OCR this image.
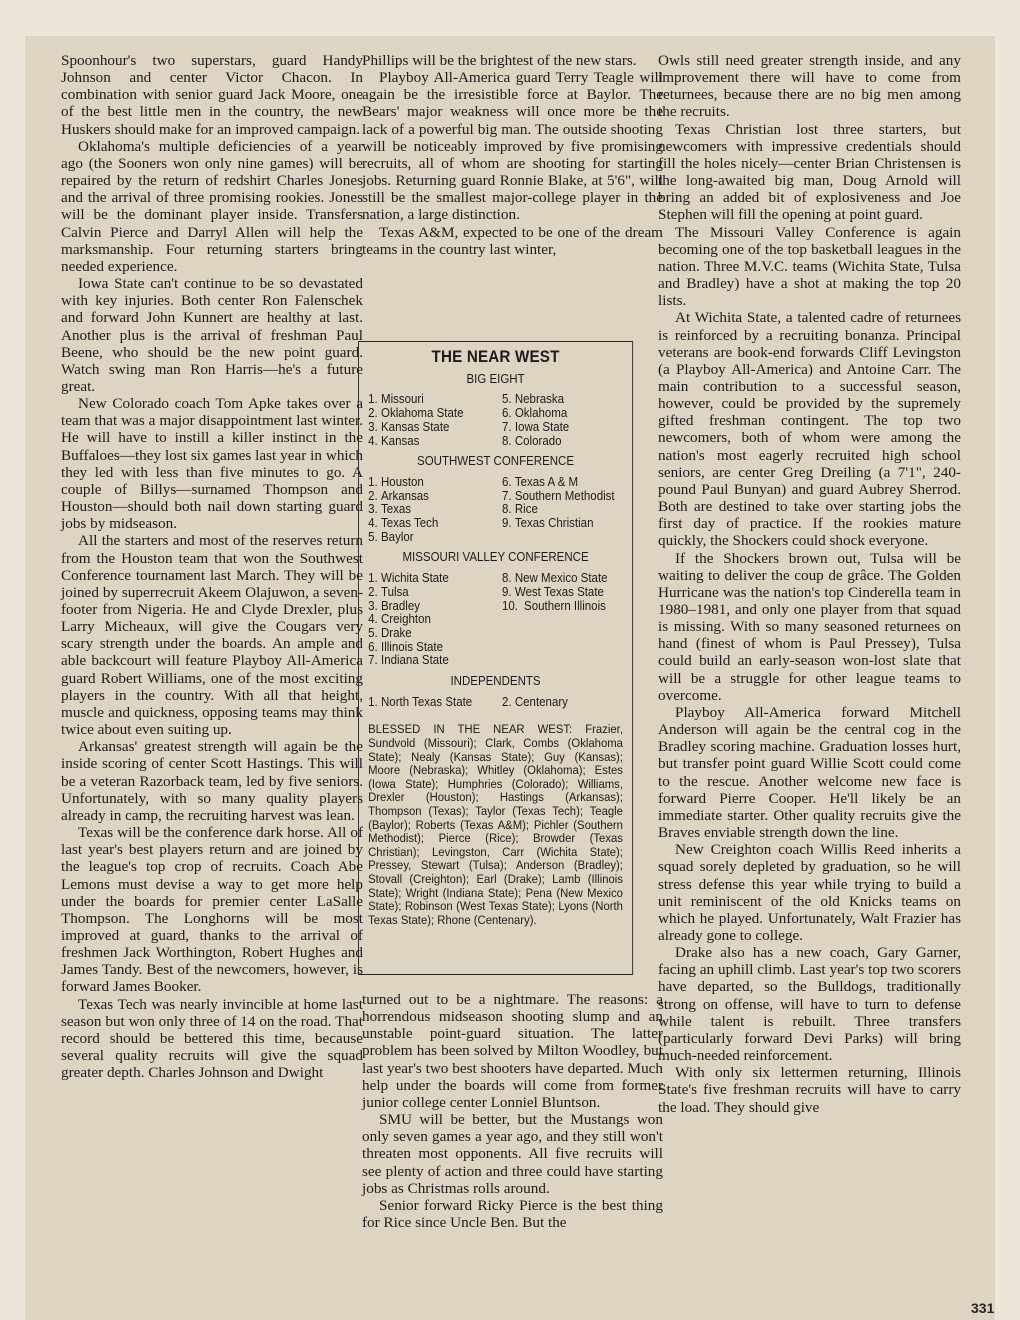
Spoonhour's two superstars, guard Handy Johnson and center Victor Chacon. In combination with senior guard Jack Moore, one of the best little men in the country, the new Huskers should make for an improved campaign.

Oklahoma's multiple deficiencies of a year ago (the Sooners won only nine games) will be repaired by the return of redshirt Charles Jones and the arrival of three promising rookies. Jones will be the dominant player inside. Transfers Calvin Pierce and Darryl Allen will help the marksmanship. Four returning starters bring needed experience.

Iowa State can't continue to be so devastated with key injuries. Both center Ron Falenschek and forward John Kunnert are healthy at last. Another plus is the arrival of freshman Paul Beene, who should be the new point guard. Watch swing man Ron Harris—he's a future great.

New Colorado coach Tom Apke takes over a team that was a major disappointment last winter. He will have to instill a killer instinct in the Buffaloes—they lost six games last year in which they led with less than five minutes to go. A couple of Billys—surnamed Thompson and Houston—should both nail down starting guard jobs by midseason.

All the starters and most of the reserves return from the Houston team that won the Southwest Conference tournament last March. They will be joined by superrecruit Akeem Olajuwon, a seven-footer from Nigeria. He and Clyde Drexler, plus Larry Micheaux, will give the Cougars very scary strength under the boards. An ample and able backcourt will feature Playboy All-America guard Robert Williams, one of the most exciting players in the country. With all that height, muscle and quickness, opposing teams may think twice about even suiting up.

Arkansas' greatest strength will again be the inside scoring of center Scott Hastings. This will be a veteran Razorback team, led by five seniors. Unfortunately, with so many quality players already in camp, the recruiting harvest was lean.

Texas will be the conference dark horse. All of last year's best players return and are joined by the league's top crop of recruits. Coach Abe Lemons must devise a way to get more help under the boards for premier center LaSalle Thompson. The Longhorns will be most improved at guard, thanks to the arrival of freshmen Jack Worthington, Robert Hughes and James Tandy. Best of the newcomers, however, is forward James Booker.

Texas Tech was nearly invincible at home last season but won only three of 14 on the road. That record should be bettered this time, because several quality recruits will give the squad greater depth. Charles Johnson and Dwight

Phillips will be the brightest of the new stars.

Playboy All-America guard Terry Teagle will again be the irresistible force at Baylor. The Bears' major weakness will once more be the lack of a powerful big man. The outside shooting will be noticeably improved by five promising recruits, all of whom are shooting for starting jobs. Returning guard Ronnie Blake, at 5'6", will still be the smallest major-college player in the nation, a large distinction.

Texas A&M, expected to be one of the dream teams in the country last winter,

THE NEAR WEST
BIG EIGHT
1. Missouri
2. Oklahoma State
3. Kansas State
4. Kansas
5. Nebraska
6. Oklahoma
7. Iowa State
8. Colorado
SOUTHWEST CONFERENCE
1. Houston
2. Arkansas
3. Texas
4. Texas Tech
5. Baylor
6. Texas A & M
7. Southern Methodist
8. Rice
9. Texas Christian
MISSOURI VALLEY CONFERENCE
1. Wichita State
2. Tulsa
3. Bradley
4. Creighton
5. Drake
6. Illinois State
7. Indiana State
8. New Mexico State
9. West Texas State
10. Southern Illinois
INDEPENDENTS
1. North Texas State 2. Centenary
BLESSED IN THE NEAR WEST: Frazier, Sundvold (Missouri); Clark, Combs (Oklahoma State); Nealy (Kansas State); Guy (Kansas); Moore (Nebraska); Whitley (Oklahoma); Estes (Iowa State); Humphries (Colorado); Williams, Drexler (Houston); Hastings (Arkansas); Thompson (Texas); Taylor (Texas Tech); Teagle (Baylor); Roberts (Texas A&M); Pichler (Southern Methodist); Pierce (Rice); Browder (Texas Christian); Levingston, Carr (Wichita State); Pressey, Stewart (Tulsa); Anderson (Bradley); Stovall (Creighton); Earl (Drake); Lamb (Illinois State); Wright (Indiana State); Pena (New Mexico State); Robinson (West Texas State); Lyons (North Texas State); Rhone (Centenary).

turned out to be a nightmare. The reasons: a horrendous midseason shooting slump and an unstable point-guard situation. The latter problem has been solved by Milton Woodley, but last year's two best shooters have departed. Much help under the boards will come from former junior college center Lonniel Bluntson.

SMU will be better, but the Mustangs won only seven games a year ago, and they still won't threaten most opponents. All five recruits will see plenty of action and three could have starting jobs as Christmas rolls around.

Senior forward Ricky Pierce is the best thing for Rice since Uncle Ben. But the

Owls still need greater strength inside, and any improvement there will have to come from returnees, because there are no big men among the recruits.

Texas Christian lost three starters, but newcomers with impressive credentials should fill the holes nicely—center Brian Christensen is the long-awaited big man, Doug Arnold will bring an added bit of explosiveness and Joe Stephen will fill the opening at point guard.

The Missouri Valley Conference is again becoming one of the top basketball leagues in the nation. Three M.V.C. teams (Wichita State, Tulsa and Bradley) have a shot at making the top 20 lists.

At Wichita State, a talented cadre of returnees is reinforced by a recruiting bonanza. Principal veterans are book-end forwards Cliff Levingston (a Playboy All-America) and Antoine Carr. The main contribution to a successful season, however, could be provided by the supremely gifted freshman contingent. The top two newcomers, both of whom were among the nation's most eagerly recruited high school seniors, are center Greg Dreiling (a 7'1", 240-pound Paul Bunyan) and guard Aubrey Sherrod. Both are destined to take over starting jobs the first day of practice. If the rookies mature quickly, the Shockers could shock everyone.

If the Shockers brown out, Tulsa will be waiting to deliver the coup de grâce. The Golden Hurricane was the nation's top Cinderella team in 1980–1981, and only one player from that squad is missing. With so many seasoned returnees on hand (finest of whom is Paul Pressey), Tulsa could build an early-season won-lost slate that will be a struggle for other league teams to overcome.

Playboy All-America forward Mitchell Anderson will again be the central cog in the Bradley scoring machine. Graduation losses hurt, but transfer point guard Willie Scott could come to the rescue. Another welcome new face is forward Pierre Cooper. He'll likely be an immediate starter. Other quality recruits give the Braves enviable strength down the line.

New Creighton coach Willis Reed inherits a squad sorely depleted by graduation, so he will stress defense this year while trying to build a unit reminiscent of the old Knicks teams on which he played. Unfortunately, Walt Frazier has already gone to college.

Drake also has a new coach, Gary Garner, facing an uphill climb. Last year's top two scorers have departed, so the Bulldogs, traditionally strong on offense, will have to turn to defense while talent is rebuilt. Three transfers (particularly forward Devi Parks) will bring much-needed reinforcement.

With only six lettermen returning, Illinois State's five freshman recruits will have to carry the load. They should give

331
